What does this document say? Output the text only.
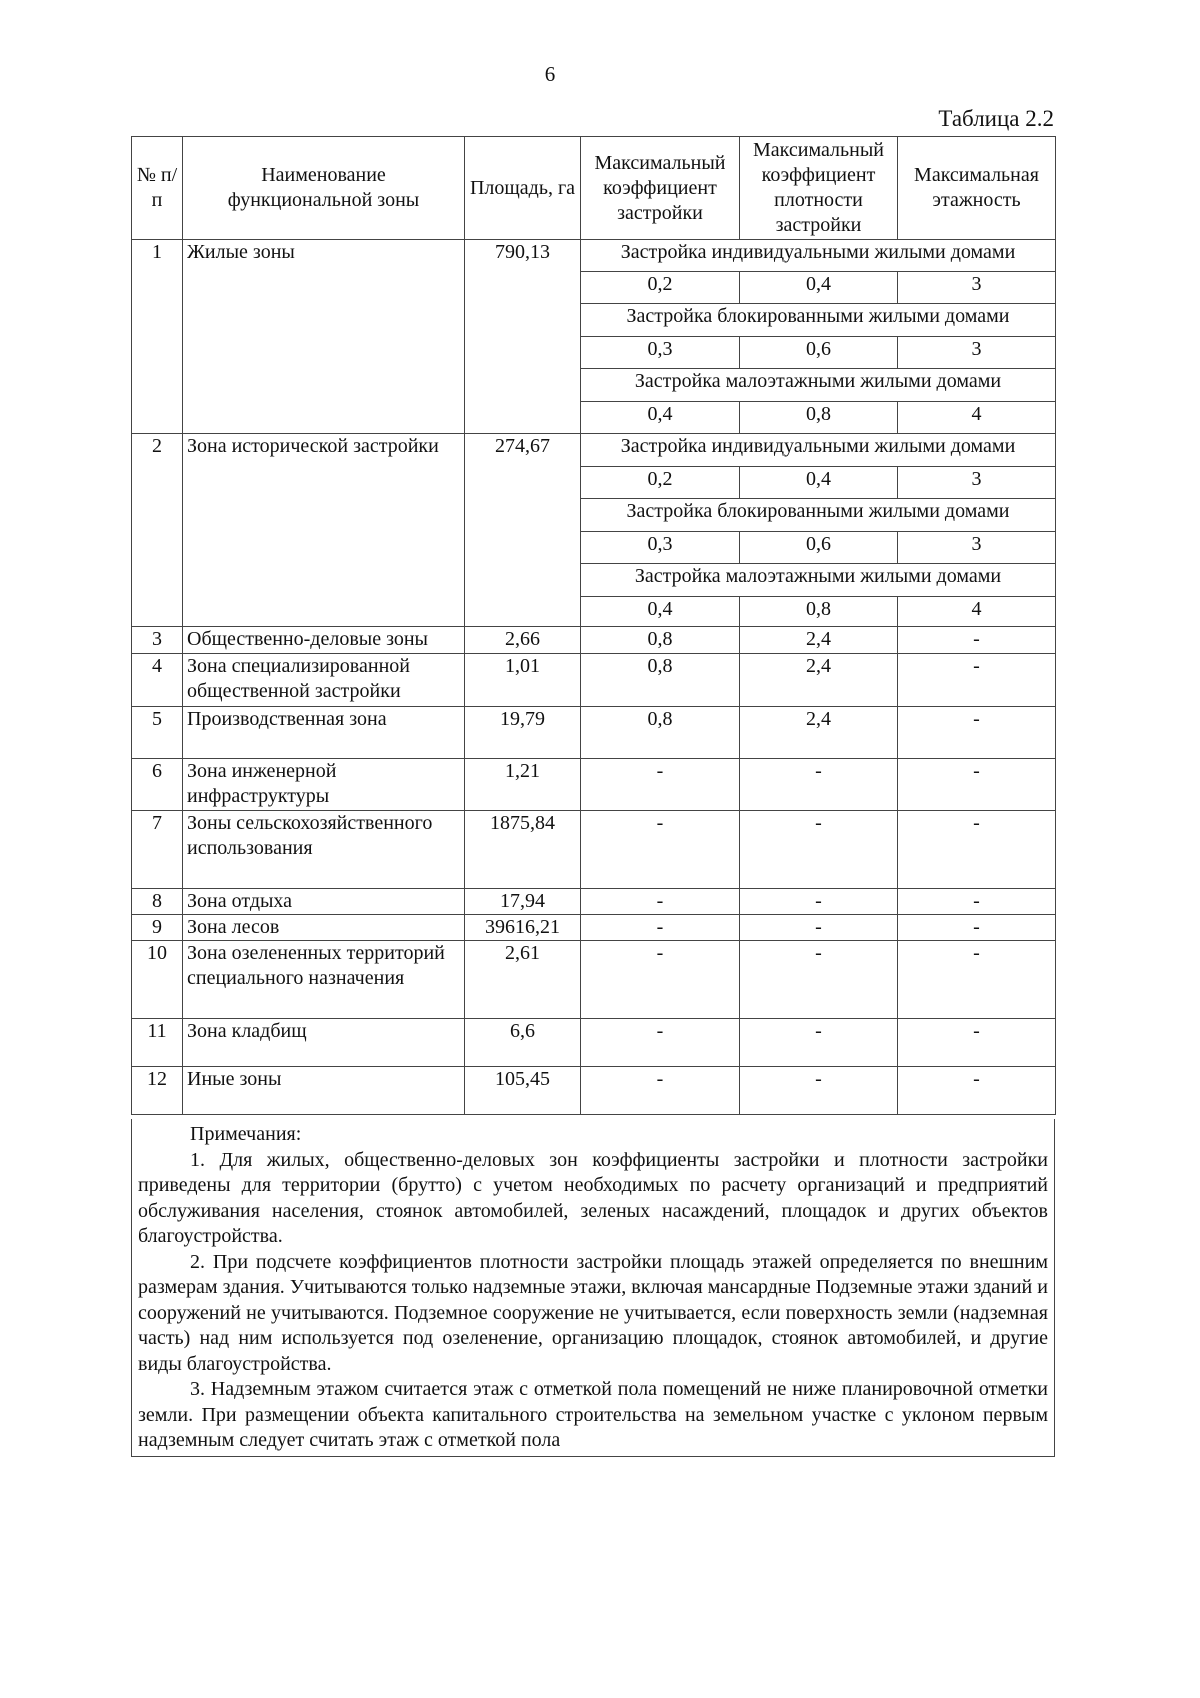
6
Таблица 2.2
№ п/п	Наименование функциональной зоны	Площадь, га	Максимальный коэффициент застройки	Максимальный коэффициент плотности застройки	Максимальная этажность
1	Жилые зоны	790,13	Застройка индивидуальными жилыми домами		
			0,2	0,4	3
			Застройка блокированными жилыми домами		
			0,3	0,6	3
			Застройка малоэтажными жилыми домами		
			0,4	0,8	4
2	Зона исторической застройки	274,67	Застройка индивидуальными жилыми домами		
			0,2	0,4	3
			Застройка блокированными жилыми домами		
			0,3	0,6	3
			Застройка малоэтажными жилыми домами		
			0,4	0,8	4
3	Общественно-деловые зоны	2,66	0,8	2,4	-
4	Зона специализированной общественной застройки	1,01	0,8	2,4	-
5	Производственная зона	19,79	0,8	2,4	-
6	Зона инженерной инфраструктуры	1,21	-	-	-
7	Зоны сельскохозяйственного использования	1875,84	-	-	-
8	Зона отдыха	17,94	-	-	-
9	Зона лесов	39616,21	-	-	-
10	Зона озелененных территорий специального назначения	2,61	-	-	-
11	Зона кладбищ	6,6	-	-	-
12	Иные зоны	105,45	-	-	-

Примечания:

1. Для жилых, общественно-деловых зон коэффициенты застройки и плотности застройки приведены для территории (брутто) с учетом необходимых по расчету организаций и предприятий обслуживания населения, стоянок автомобилей, зеленых насаждений, площадок и других объектов благоустройства.

2. При подсчете коэффициентов плотности застройки площадь этажей определяется по внешним размерам здания. Учитываются только надземные этажи, включая мансардные Подземные этажи зданий и сооружений не учитываются. Подземное сооружение не учитывается, если поверхность земли (надземная часть) над ним используется под озеленение, организацию площадок, стоянок автомобилей, и другие виды благоустройства.

3. Надземным этажом считается этаж с отметкой пола помещений не ниже планировочной отметки земли. При размещении объекта капитального строительства на земельном участке с уклоном первым надземным следует считать этаж с отметкой пола
